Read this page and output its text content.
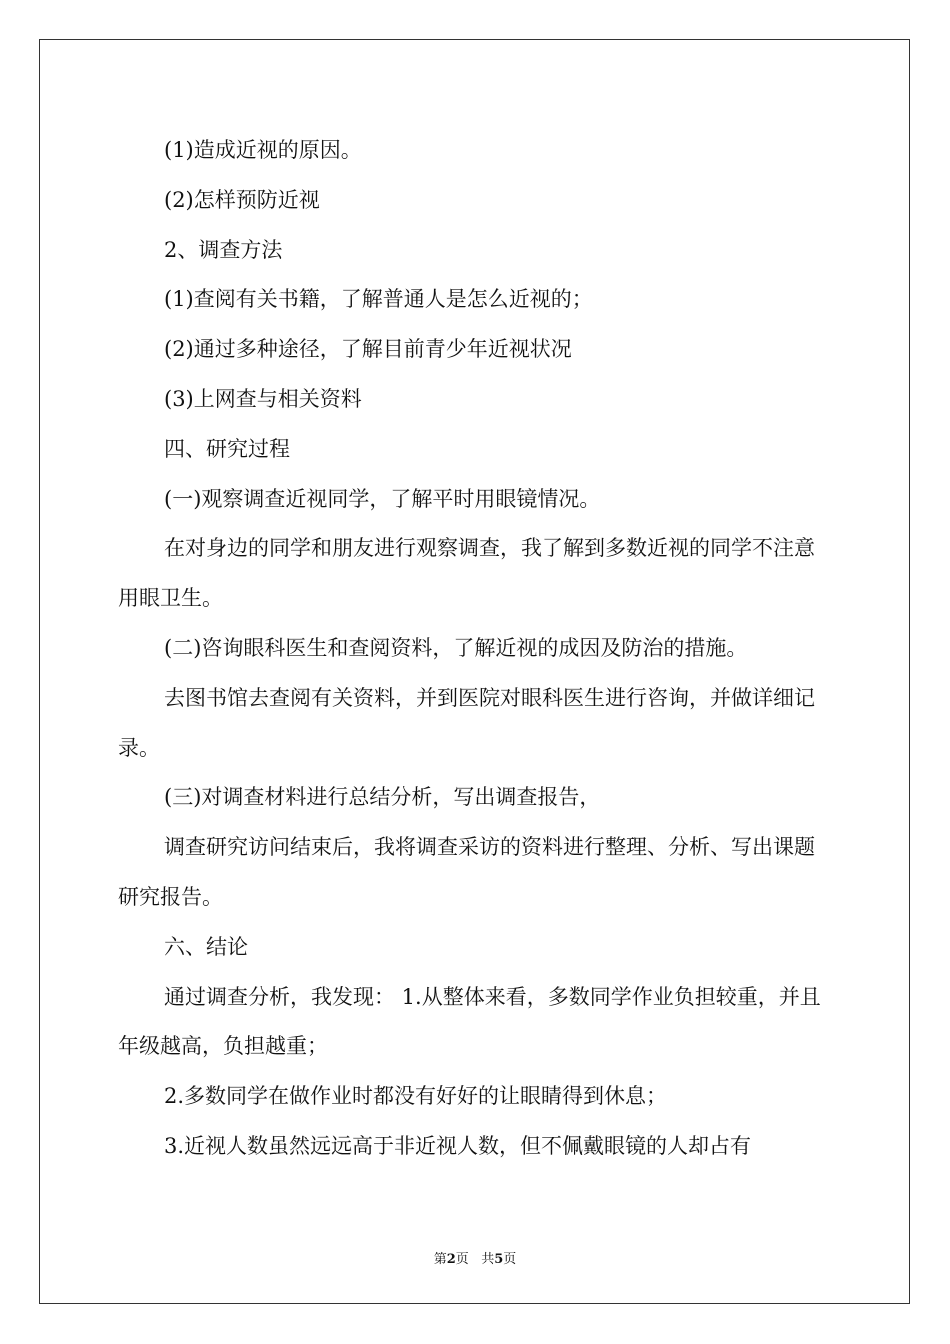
(1)造成近视的原因。

(2)怎样预防近视

2、调查方法

(1)查阅有关书籍，了解普通人是怎么近视的；

(2)通过多种途径，了解目前青少年近视状况

(3)上网查与相关资料

四、研究过程

(一)观察调查近视同学，了解平时用眼镜情况。

在对身边的同学和朋友进行观察调查，我了解到多数近视的同学不注意用眼卫生。

(二)咨询眼科医生和查阅资料，了解近视的成因及防治的措施。

去图书馆去查阅有关资料，并到医院对眼科医生进行咨询，并做详细记录。

(三)对调查材料进行总结分析，写出调查报告，

调查研究访问结束后，我将调查采访的资料进行整理、分析、写出课题研究报告。

六、结论

通过调查分析，我发现： 1.从整体来看，多数同学作业负担较重，并且年级越高，负担越重；

2.多数同学在做作业时都没有好好的让眼睛得到休息；

3.近视人数虽然远远高于非近视人数，但不佩戴眼镜的人却占有

第2页 共5页
